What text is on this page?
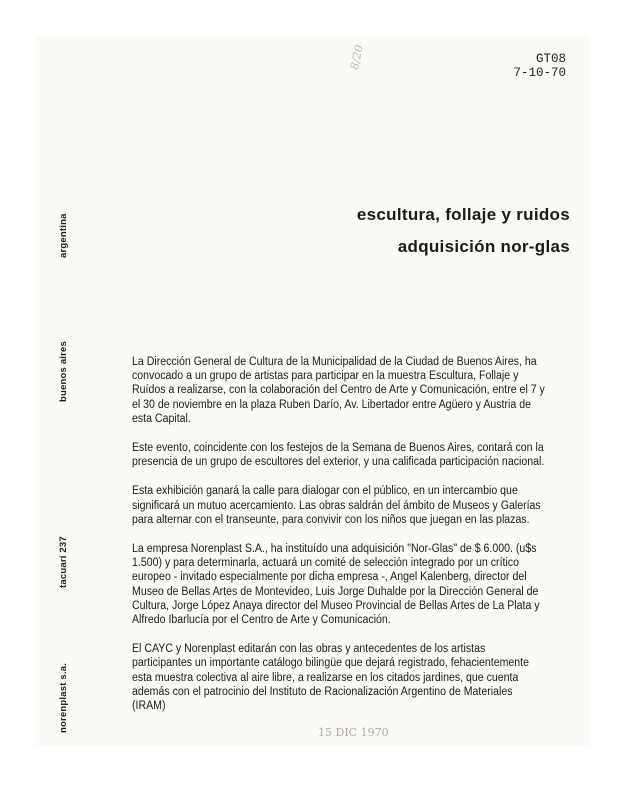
GT08
7-10-70
8/20
argentina
buenos aires
tacuarí 237
norenplast s.a.
escultura, follaje y ruidos
adquisición nor-glas

La Dirección General de Cultura de la Municipalidad de la Ciudad de Buenos Aires, ha convocado a un grupo de artistas para participar en la muestra Escultura, Follaje y Ruídos a realizarse, con la colaboración del Centro de Arte y Comunicación, entre el 7 y el 30 de noviembre en la plaza Ruben Darío, Av. Libertador entre Agüero y Austria de esta Capital.

Este evento, coincidente con los festejos de la Semana de Buenos Aires, contará con la presencia de un grupo de escultores del exterior, y una calificada participación nacional.

Esta exhibición ganará la calle para dialogar con el público, en un intercambio que significará un mutuo acercamiento. Las obras saldrán del ámbito de Museos y Galerías para alternar con el transeunte, para convivir con los niños que juegan en las plazas.

La empresa Norenplast S.A., ha instituído una adquisición "Nor-Glas" de $ 6.000. (u$s 1.500) y para determinarla, actuará un comité de selección integrado por un crítico europeo - invitado especialmente por dicha empresa -, Angel Kalenberg, director del Museo de Bellas Artes de Montevideo, Luis Jorge Duhalde por la Dirección General de Cultura, Jorge López Anaya director del Museo Provincial de Bellas Artes de La Plata y Alfredo Ibarlucía por el Centro de Arte y Comunicación.

El CAYC y Norenplast editarán con las obras y antecedentes de los artistas participantes un importante catálogo bilingüe que dejará registrado, fehacientemente esta muestra colectiva al aire libre, a realizarse en los citados jardines, que cuenta además con el patrocinio del Instituto de Racionalización Argentino de Materiales (IRAM)

15 DIC 1970
